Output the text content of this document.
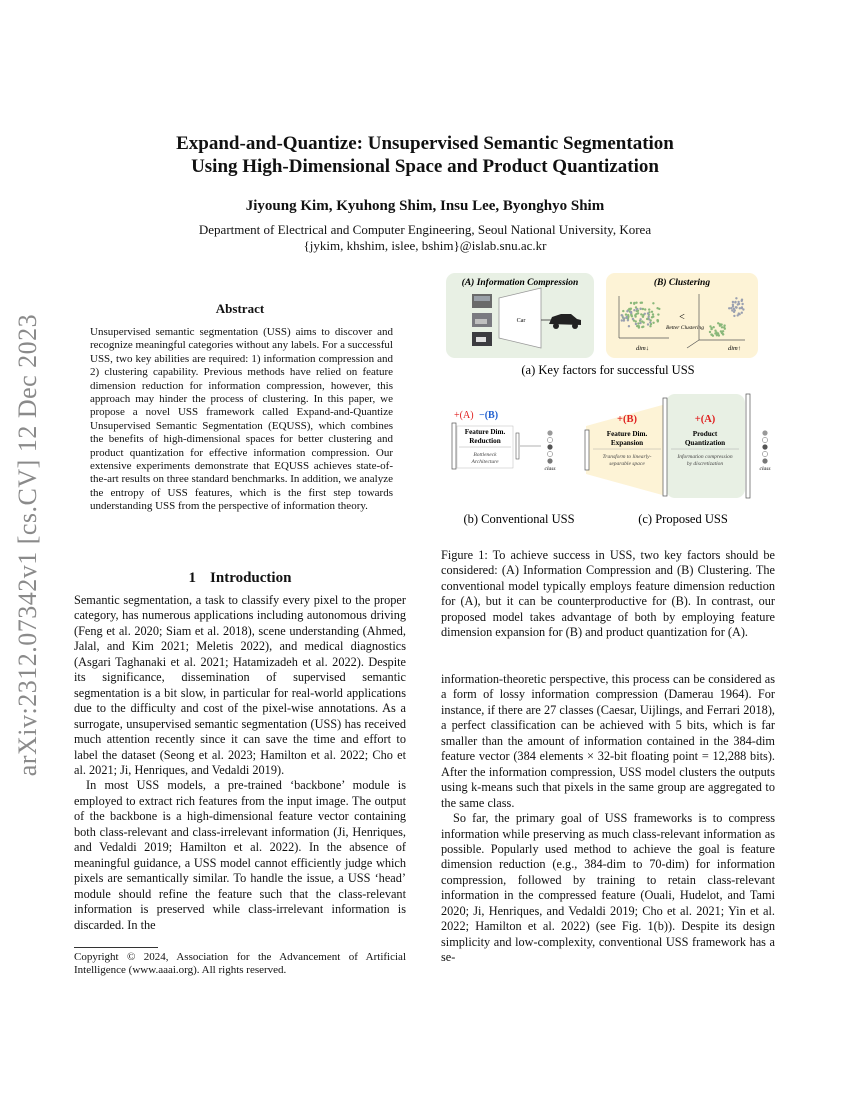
arXiv:2312.07342v1 [cs.CV] 12 Dec 2023
Expand-and-Quantize: Unsupervised Semantic Segmentation
Using High-Dimensional Space and Product Quantization
Jiyoung Kim, Kyuhong Shim, Insu Lee, Byonghyo Shim
Department of Electrical and Computer Engineering, Seoul National University, Korea
{jykim, khshim, islee, bshim}@islab.snu.ac.kr
Abstract
Unsupervised semantic segmentation (USS) aims to discover and recognize meaningful categories without any labels. For a successful USS, two key abilities are required: 1) information compression and 2) clustering capability. Previous methods have relied on feature dimension reduction for information compression, however, this approach may hinder the process of clustering. In this paper, we propose a novel USS framework called Expand-and-Quantize Unsupervised Semantic Segmentation (EQUSS), which combines the benefits of high-dimensional spaces for better clustering and product quantization for effective information compression. Our extensive experiments demonstrate that EQUSS achieves state-of-the-art results on three standard benchmarks. In addition, we analyze the entropy of USS features, which is the first step towards understanding USS from the perspective of information theory.
1 Introduction

Semantic segmentation, a task to classify every pixel to the proper category, has numerous applications including autonomous driving (Feng et al. 2020; Siam et al. 2018), scene understanding (Ahmed, Jalal, and Kim 2021; Meletis 2022), and medical diagnostics (Asgari Taghanaki et al. 2021; Hatamizadeh et al. 2022). Despite its significance, dissemination of supervised semantic segmentation is a bit slow, in particular for real-world applications due to the difficulty and cost of the pixel-wise annotations. As a surrogate, unsupervised semantic segmentation (USS) has received much attention recently since it can save the time and effort to label the dataset (Seong et al. 2023; Hamilton et al. 2022; Cho et al. 2021; Ji, Henriques, and Vedaldi 2019).

In most USS models, a pre-trained ‘backbone’ module is employed to extract rich features from the input image. The output of the backbone is a high-dimensional feature vector containing both class-relevant and class-irrelevant information (Ji, Henriques, and Vedaldi 2019; Hamilton et al. 2022). In the absence of meaningful guidance, a USS model cannot efficiently judge which pixels are semantically similar. To handle the issue, a USS ‘head’ module should refine the feature such that the class-relevant information is preserved while class-irrelevant information is discarded. In the

Copyright © 2024, Association for the Advancement of Artificial Intelligence (www.aaai.org). All rights reserved.
(A) Information Compression
Car
(B) Clustering
<
Better Clustering
dim↓	dim↑
(a) Key factors for successful USS
+(A) −(B)
Feature Dim. Reduction
Bottleneck Architecture
class
+(B)	+(A)
Feature Dim. Expansion
Transform to linearly-separable space
Product Quantization
Information compression by discretization
class
(b) Conventional USS	(c) Proposed USS
Figure 1: To achieve success in USS, two key factors should be considered: (A) Information Compression and (B) Clustering. The conventional model typically employs feature dimension reduction for (A), but it can be counterproductive for (B). In contrast, our proposed model takes advantage of both by employing feature dimension expansion for (B) and product quantization for (A).

information-theoretic perspective, this process can be considered as a form of lossy information compression (Damerau 1964). For instance, if there are 27 classes (Caesar, Uijlings, and Ferrari 2018), a perfect classification can be achieved with 5 bits, which is far smaller than the amount of information contained in the 384-dim feature vector (384 elements × 32-bit floating point = 12,288 bits). After the information compression, USS model clusters the outputs using k-means such that pixels in the same group are aggregated to the same class.

So far, the primary goal of USS frameworks is to compress information while preserving as much class-relevant information as possible. Popularly used method to achieve the goal is feature dimension reduction (e.g., 384-dim to 70-dim) for information compression, followed by training to retain class-relevant information in the compressed feature (Ouali, Hudelot, and Tami 2020; Ji, Henriques, and Vedaldi 2019; Cho et al. 2021; Yin et al. 2022; Hamilton et al. 2022) (see Fig. 1(b)). Despite its design simplicity and low-complexity, conventional USS framework has a se-
